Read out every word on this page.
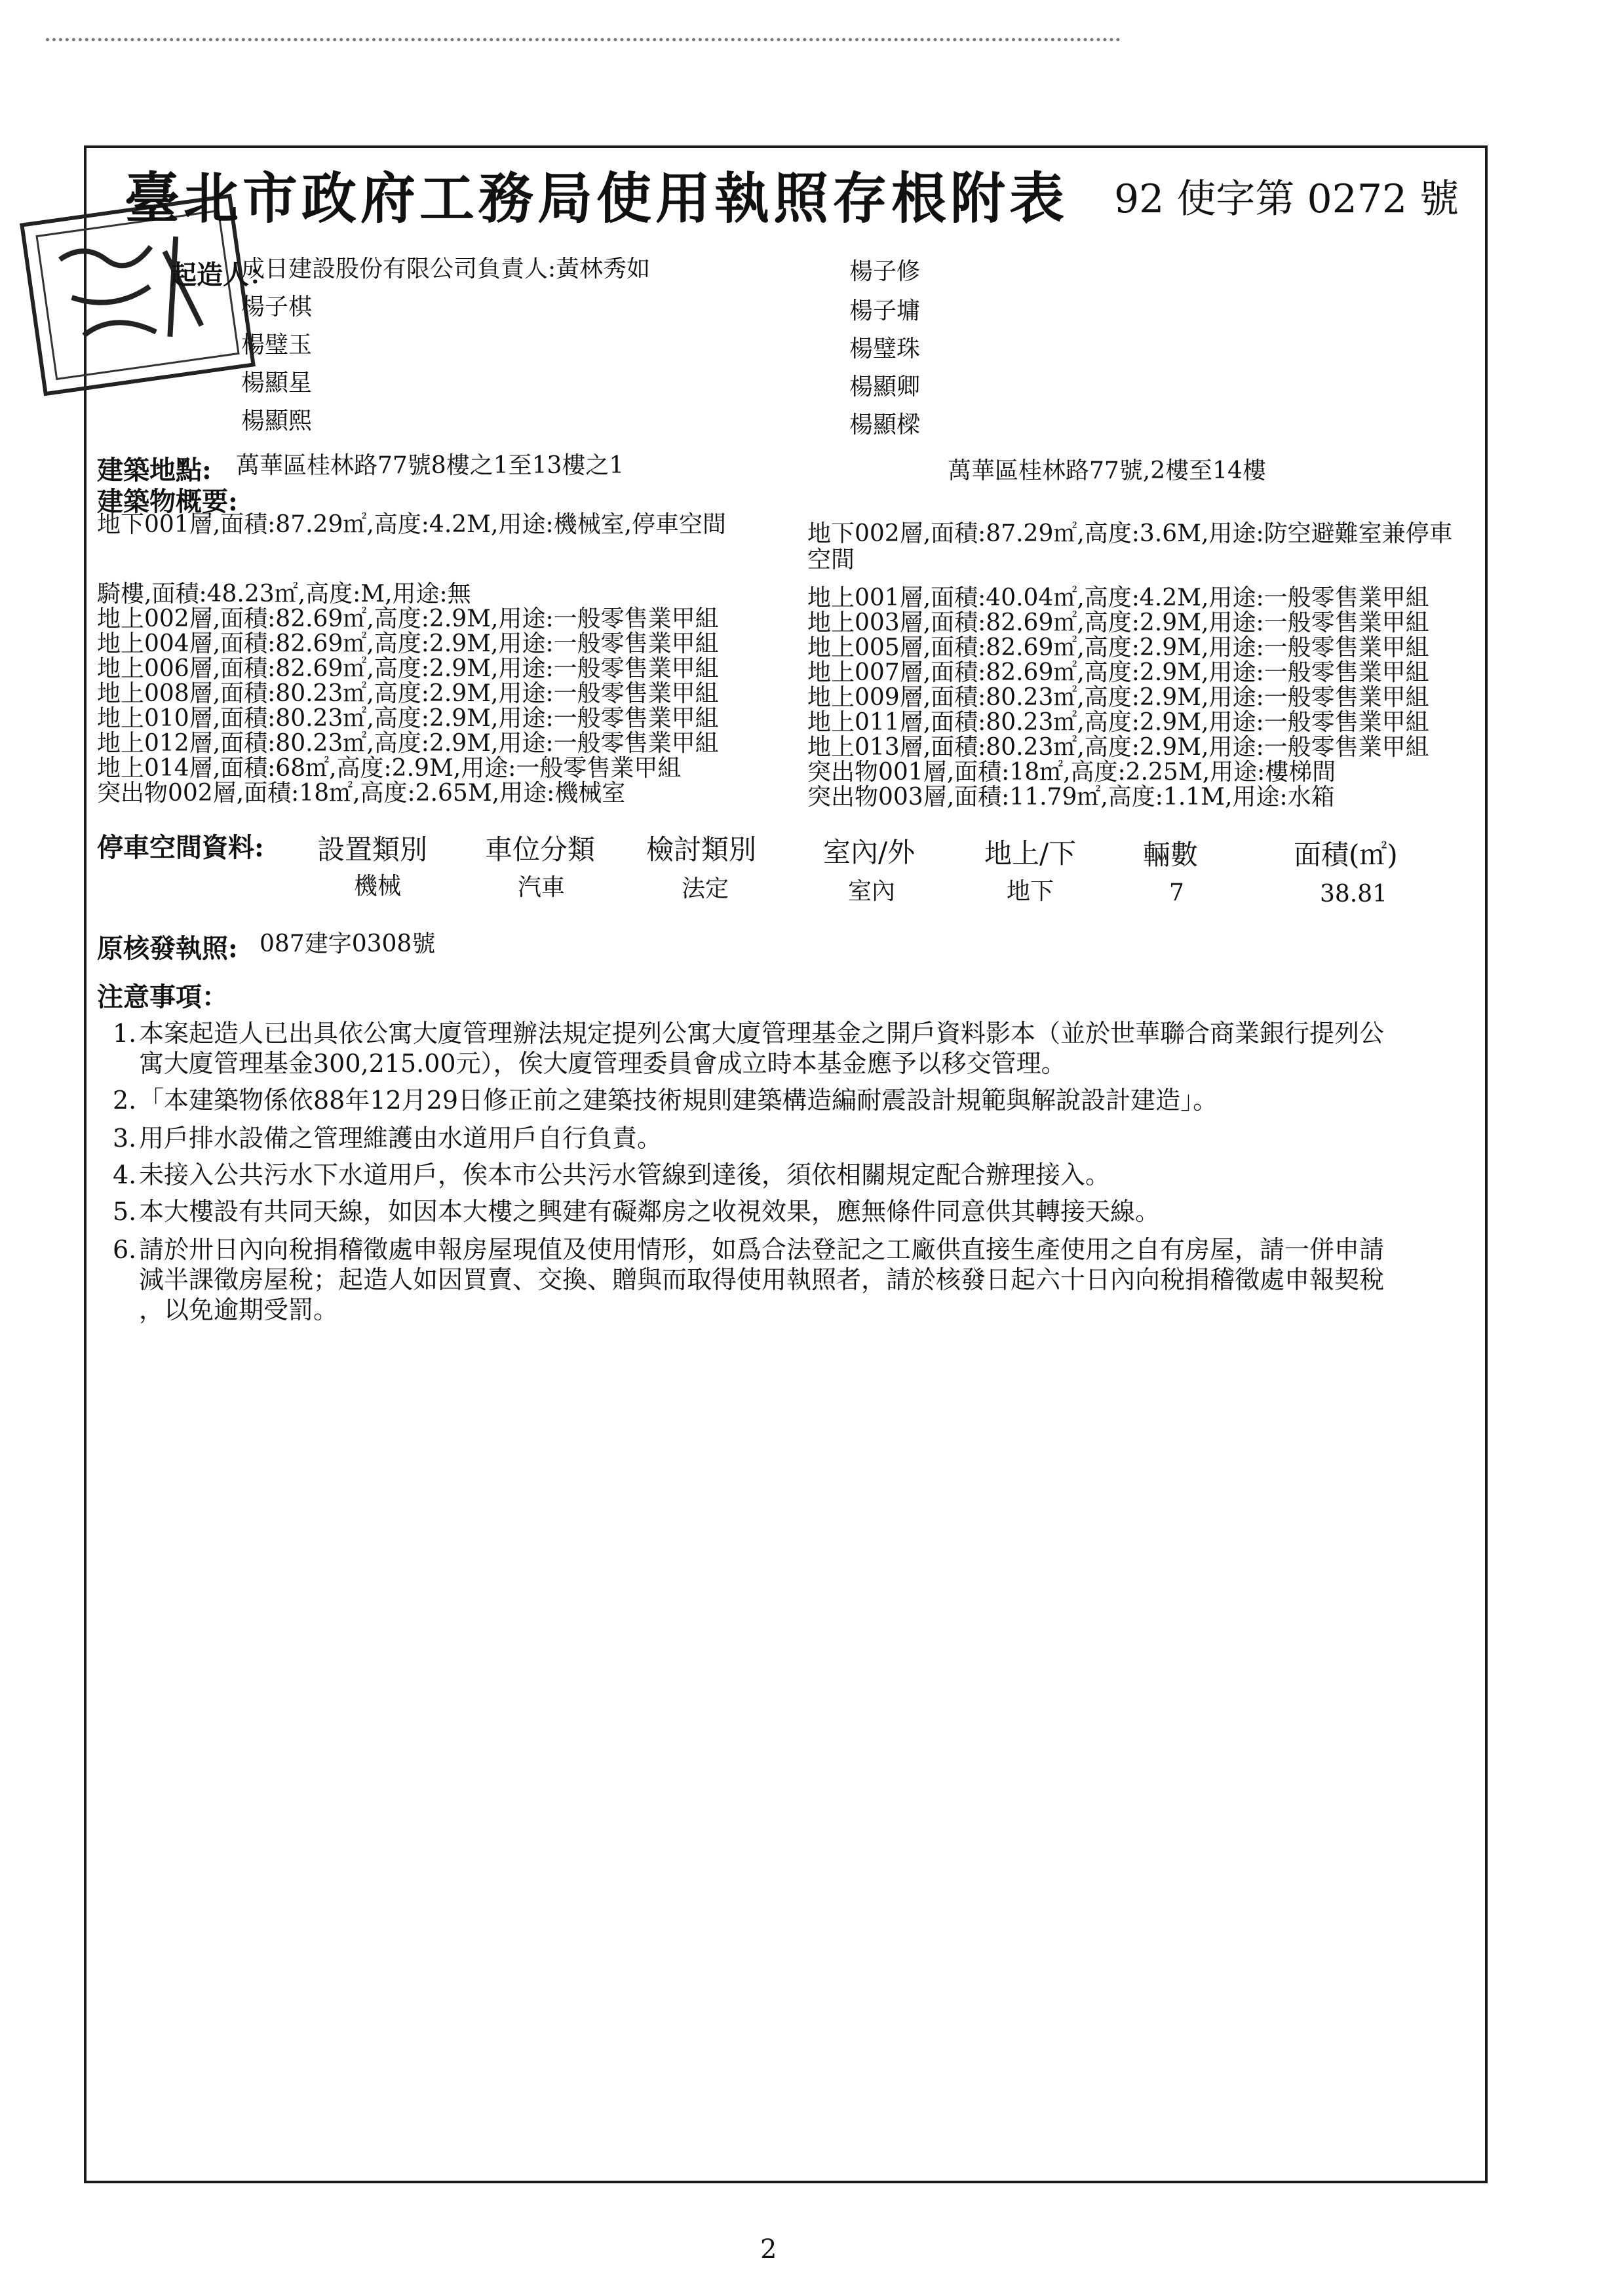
臺北市政府工務局使用執照存根附表 92 使字第 0272 號
起造人：
成日建設股份有限公司負責人:黃林秀如
楊子棋
楊璧玉
楊顯星
楊顯熙
楊子修
楊子墉
楊璧珠
楊顯卿
楊顯樑
建築地點: 萬華區桂林路77號8樓之1至13樓之1	萬華區桂林路77號,2樓至14樓
建築物概要:
地下001層,面積:87.29㎡,高度:4.2M,用途:機械室,停車空間
騎樓,面積:48.23㎡,高度:M,用途:無
地上002層,面積:82.69㎡,高度:2.9M,用途:一般零售業甲組
地上004層,面積:82.69㎡,高度:2.9M,用途:一般零售業甲組
地上006層,面積:82.69㎡,高度:2.9M,用途:一般零售業甲組
地上008層,面積:80.23㎡,高度:2.9M,用途:一般零售業甲組
地上010層,面積:80.23㎡,高度:2.9M,用途:一般零售業甲組
地上012層,面積:80.23㎡,高度:2.9M,用途:一般零售業甲組
地上014層,面積:68㎡,高度:2.9M,用途:一般零售業甲組
突出物002層,面積:18㎡,高度:2.65M,用途:機械室
地下002層,面積:87.29㎡,高度:3.6M,用途:防空避難室兼停車
空間
地上001層,面積:40.04㎡,高度:4.2M,用途:一般零售業甲組
地上003層,面積:82.69㎡,高度:2.9M,用途:一般零售業甲組
地上005層,面積:82.69㎡,高度:2.9M,用途:一般零售業甲組
地上007層,面積:82.69㎡,高度:2.9M,用途:一般零售業甲組
地上009層,面積:80.23㎡,高度:2.9M,用途:一般零售業甲組
地上011層,面積:80.23㎡,高度:2.9M,用途:一般零售業甲組
地上013層,面積:80.23㎡,高度:2.9M,用途:一般零售業甲組
突出物001層,面積:18㎡,高度:2.25M,用途:樓梯間
突出物003層,面積:11.79㎡,高度:1.1M,用途:水箱
停車空間資料: 設置類別 車位分類 檢討類別 室內/外	地上/下 輛數	面積(㎡)
機械	汽車	法定	室內	地下	7	38.81
原核發執照: 087建字0308號
注意事項：
1.本案起造人已出具依公寓大廈管理辦法規定提列公寓大廈管理基金之開戶資料影本（並於世華聯合商業銀行提列公
寓大廈管理基金300,215.00元），俟大廈管理委員會成立時本基金應予以移交管理。
2.「本建築物係依88年12月29日修正前之建築技術規則建築構造編耐震設計規範與解說設計建造」。
3.用戶排水設備之管理維護由水道用戶自行負責。
4.未接入公共污水下水道用戶，俟本市公共污水管線到達後，須依相關規定配合辦理接入。
5.本大樓設有共同天線，如因本大樓之興建有礙鄰房之收視效果，應無條件同意供其轉接天線。
6.請於卅日內向稅捐稽徵處申報房屋現值及使用情形，如爲合法登記之工廠供直接生產使用之自有房屋，請一併申請
減半課徵房屋稅；起造人如因買賣、交換、贈與而取得使用執照者，請於核發日起六十日內向稅捐稽徵處申報契稅
，以免逾期受罰。
2
